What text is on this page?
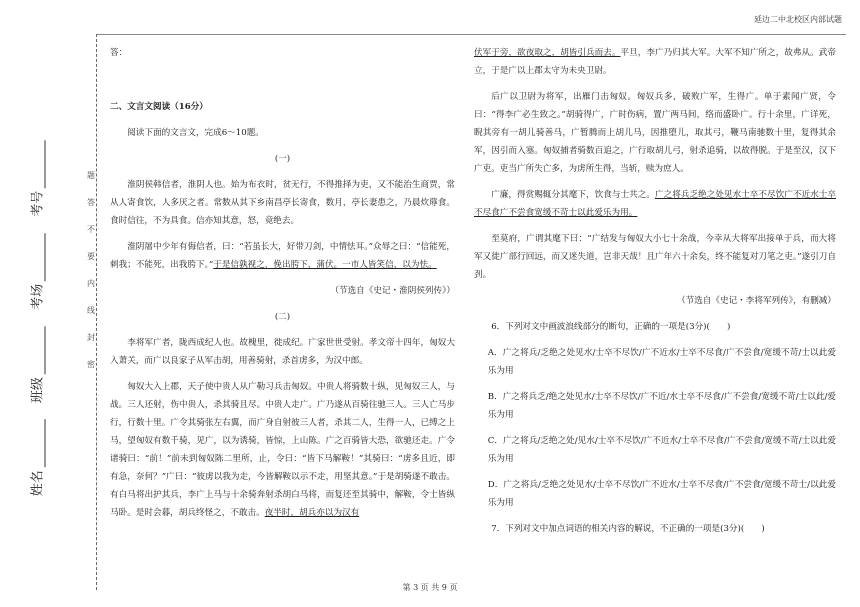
延边二中北校区内部试题
姓名 班级 考场 考号
题
答
不
要
内
线
封
密

答：

二、文言文阅读（16分）

阅读下面的文言文，完成6～10题。

(一)

淮阴侯韩信者，淮阴人也。始为布衣时，贫无行，不得推择为吏，又不能治生商贾，常从人寄食饮，人多厌之者。常数从其下乡南昌亭长寄食，数月，亭长妻患之，乃晨炊蓐食。食时信往，不为具食。信亦知其意，怒，竟绝去。

淮阴屠中少年有侮信者，曰：“若虽长大，好带刀剑，中情怯耳。”众辱之曰：“信能死，刺我；不能死，出我胯下。”于是信孰视之，俛出胯下，蒲伏。一市人皆笑信，以为怯。

（节选自《史记・淮阴侯列传》）

(二)

李将军广者，陇西成纪人也。故槐里，徙成纪。广家世世受射。孝文帝十四年，匈奴大入萧关，而广以良家子从军击胡，用善骑射，杀首虏多，为汉中郎。

匈奴大入上郡，天子使中贵人从广勒习兵击匈奴。中贵人将骑数十纵，见匈奴三人，与战。三人还射，伤中贵人，杀其骑且尽。中贵人走广。广乃遂从百骑往驰三人。三人亡马步行，行数十里。广令其骑张左右翼，而广身自射彼三人者，杀其二人，生得一人，已缚之上马，望匈奴有数千骑，见广，以为诱骑，皆惊，上山陈。广之百骑皆大恐，欲驰还走。广令诸骑曰：“前！”前未到匈奴陈二里所，止，令曰：“皆下马解鞍！”其骑曰：“虏多且近，即有急，奈何？”广曰：“彼虏以我为走，今皆解鞍以示不走，用坚其意。”于是胡骑遂不敢击。有白马将出护其兵，李广上马与十余骑奔射杀胡白马将，而复还至其骑中，解鞍，令士皆纵马卧。是时会暮，胡兵终怪之，不敢击。夜半时，胡兵亦以为汉有

伏军于旁，欲夜取之，胡皆引兵而去。平旦，李广乃归其大军。大军不知广所之，故弗从。武帝立，于是广以上郡太守为未央卫尉。

后广以卫尉为将军，出雁门击匈奴。匈奴兵多，破败广军，生得广。单于素闻广贤，令曰：“得李广必生致之。”胡骑得广，广时伤病，置广两马间，络而盛卧广。行十余里，广详死，睨其旁有一胡儿骑善马，广暂腾而上胡儿马，因推堕儿，取其弓，鞭马南驰数十里，复得其余军，因引而入塞。匈奴捕者骑数百追之，广行取胡儿弓，射杀追骑，以故得脱。于是至汉，汉下广吏。吏当广所失亡多，为虏所生得，当斩，赎为庶人。

广廉，得赏赐辄分其麾下，饮食与士共之。广之将兵乏绝之处见水士卒不尽饮广不近水士卒不尽食广不尝食宽缓不苛士以此爱乐为用。

至莫府，广谓其麾下曰：“广结发与匈奴大小七十余战，今幸从大将军出接单于兵，而大将军又徙广部行回远，而又迷失道，岂非天哉！且广年六十余矣，终不能复对刀笔之吏。”遂引刀自刭。

（节选自《史记・李将军列传》，有删减）

6．下列对文中画波浪线部分的断句，正确的一项是(3分)(　　)

A．广之将兵/乏绝之处见水/士卒不尽饮/广不近水/士卒不尽食/广不尝食/宽缓不苛/士以此爱乐为用

B．广之将兵乏/绝之处见水/士卒不尽饮/广不近/水士卒不尽食/广不尝食/宽缓不苛/士以此/爱乐为用

C．广之将兵/乏绝之处/见水/士卒不尽饮/广不近水/士卒不尽食/广不尝食/宽缓不苛/士以此爱乐为用

D．广之将兵/乏绝之处见水/士卒不尽饮/广不近水/士卒不尽食/广不尝食/宽缓不苛士/以此爱乐为用

7．下列对文中加点词语的相关内容的解说，不正确的一项是(3分)(　　)

第 3 页 共 9 页
